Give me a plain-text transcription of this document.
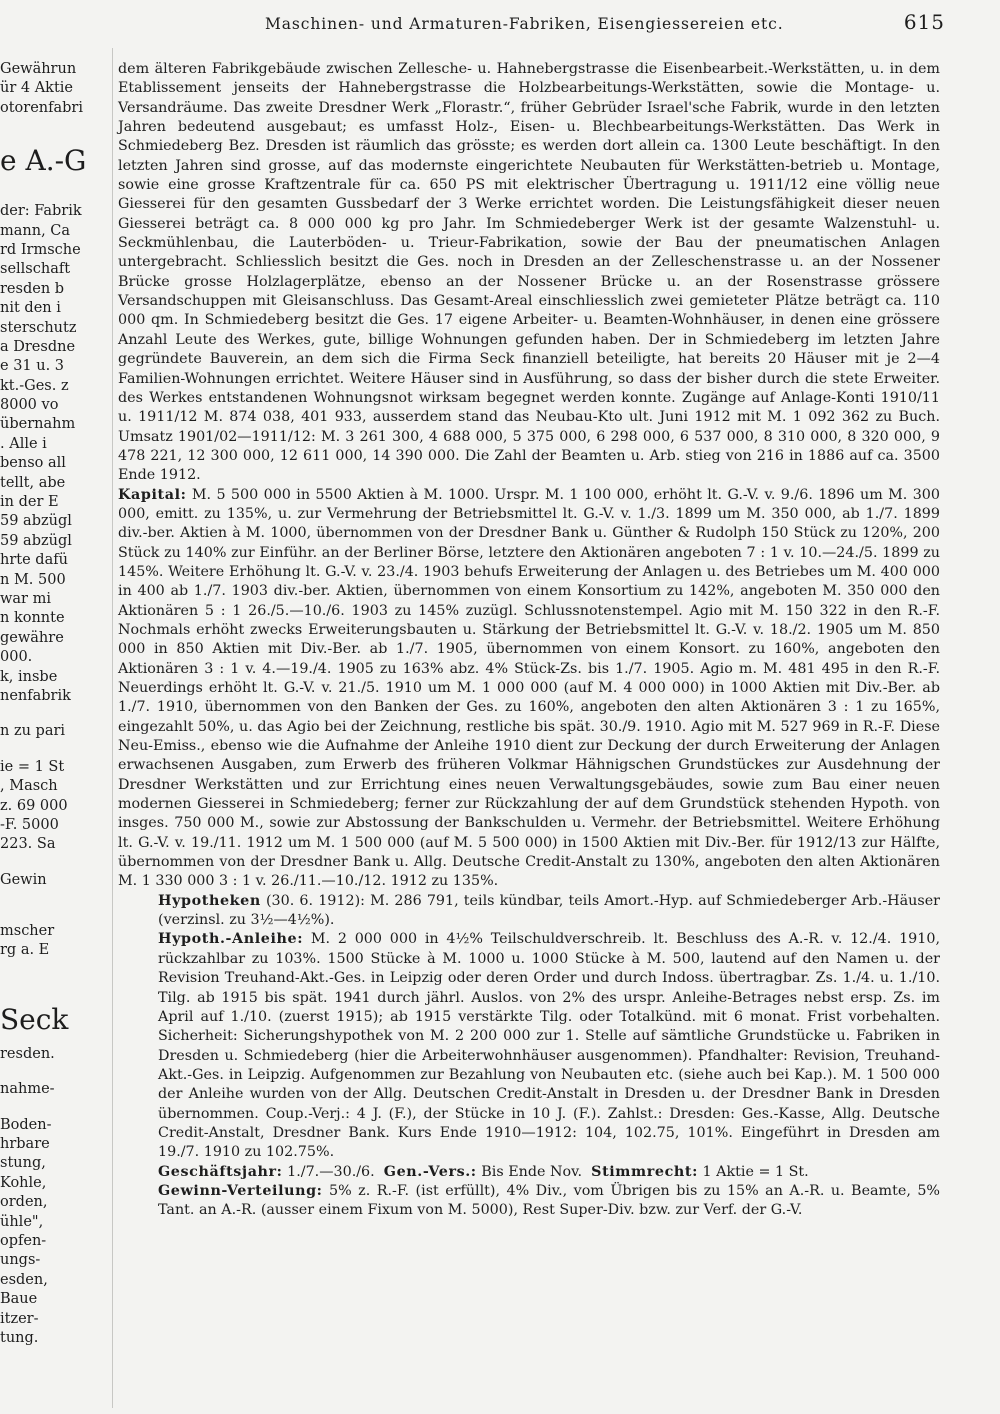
Maschinen- und Armaturen-Fabriken, Eisengiessereien etc.	615
Gewährun
ür 4 Aktie
otorenfabri
e A.-G
der: Fabrik
mann, Ca
rd Irmsche
sellschaft
resden b
nit den i
sterschutz
a Dresdne
e 31 u. 3
kt.-Ges. z
8000 vo
übernahm
. Alle i
benso all
tellt, abe
in der E
59 abzügl
59 abzügl
hrte dafü
n M. 500
war mi
n konnte
gewähre
000.
k, insbe
nenfabrik
n zu pari
ie = 1 St
, Masch
z. 69 000
-F. 5000
223. Sa
Gewin
mscher
rg a. E
Seck
resden.
nahme-
Boden-
hrbare
stung,
Kohle,
orden,
ühle",
opfen-
ungs-
esden,
Baue
itzer-
tung.

dem älteren Fabrikgebäude zwischen Zellesche- u. Hahnebergstrasse die Eisenbearbeit.-Werkstätten, u. in dem Etablissement jenseits der Hahnebergstrasse die Holzbearbeitungs-Werkstätten, sowie die Montage- u. Versandräume. Das zweite Dresdner Werk „Florastr.“, früher Gebrüder Israel'sche Fabrik, wurde in den letzten Jahren bedeutend ausgebaut; es umfasst Holz-, Eisen- u. Blechbearbeitungs-Werkstätten. Das Werk in Schmiedeberg Bez. Dresden ist räumlich das grösste; es werden dort allein ca. 1300 Leute beschäftigt. In den letzten Jahren sind grosse, auf das modernste eingerichtete Neubauten für Werkstätten-betrieb u. Montage, sowie eine grosse Kraftzentrale für ca. 650 PS mit elektrischer Übertragung u. 1911/12 eine völlig neue Giesserei für den gesamten Gussbedarf der 3 Werke errichtet worden. Die Leistungsfähigkeit dieser neuen Giesserei beträgt ca. 8 000 000 kg pro Jahr. Im Schmiedeberger Werk ist der gesamte Walzenstuhl- u. Seckmühlenbau, die Lauterböden- u. Trieur-Fabrikation, sowie der Bau der pneumatischen Anlagen untergebracht. Schliesslich besitzt die Ges. noch in Dresden an der Zelleschenstrasse u. an der Nossener Brücke grosse Holzlagerplätze, ebenso an der Nossener Brücke u. an der Rosenstrasse grössere Versandschuppen mit Gleisanschluss. Das Gesamt-Areal einschliesslich zwei gemieteter Plätze beträgt ca. 110 000 qm. In Schmiedeberg besitzt die Ges. 17 eigene Arbeiter- u. Beamten-Wohnhäuser, in denen eine grössere Anzahl Leute des Werkes, gute, billige Wohnungen gefunden haben. Der in Schmiedeberg im letzten Jahre gegründete Bauverein, an dem sich die Firma Seck finanziell beteiligte, hat bereits 20 Häuser mit je 2—4 Familien-Wohnungen errichtet. Weitere Häuser sind in Ausführung, so dass der bisher durch die stete Erweiter. des Werkes entstandenen Wohnungsnot wirksam begegnet werden konnte. Zugänge auf Anlage-Konti 1910/11 u. 1911/12 M. 874 038, 401 933, ausserdem stand das Neubau-Kto ult. Juni 1912 mit M. 1 092 362 zu Buch. Umsatz 1901/02—1911/12: M. 3 261 300, 4 688 000, 5 375 000, 6 298 000, 6 537 000, 8 310 000, 8 320 000, 9 478 221, 12 300 000, 12 611 000, 14 390 000. Die Zahl der Beamten u. Arb. stieg von 216 in 1886 auf ca. 3500 Ende 1912.

Kapital: M. 5 500 000 in 5500 Aktien à M. 1000. Urspr. M. 1 100 000, erhöht lt. G.-V. v. 9./6. 1896 um M. 300 000, emitt. zu 135%, u. zur Vermehrung der Betriebsmittel lt. G.-V. v. 1./3. 1899 um M. 350 000, ab 1./7. 1899 div.-ber. Aktien à M. 1000, übernommen von der Dresdner Bank u. Günther & Rudolph 150 Stück zu 120%, 200 Stück zu 140% zur Einführ. an der Berliner Börse, letztere den Aktionären angeboten 7 : 1 v. 10.—24./5. 1899 zu 145%. Weitere Erhöhung lt. G.-V. v. 23./4. 1903 behufs Erweiterung der Anlagen u. des Betriebes um M. 400 000 in 400 ab 1./7. 1903 div.-ber. Aktien, übernommen von einem Konsortium zu 142%, angeboten M. 350 000 den Aktionären 5 : 1 26./5.—10./6. 1903 zu 145% zuzügl. Schlussnotenstempel. Agio mit M. 150 322 in den R.-F. Nochmals erhöht zwecks Erweiterungsbauten u. Stärkung der Betriebsmittel lt. G.-V. v. 18./2. 1905 um M. 850 000 in 850 Aktien mit Div.-Ber. ab 1./7. 1905, übernommen von einem Konsort. zu 160%, angeboten den Aktionären 3 : 1 v. 4.—19./4. 1905 zu 163% abz. 4% Stück-Zs. bis 1./7. 1905. Agio m. M. 481 495 in den R.-F. Neuerdings erhöht lt. G.-V. v. 21./5. 1910 um M. 1 000 000 (auf M. 4 000 000) in 1000 Aktien mit Div.-Ber. ab 1./7. 1910, übernommen von den Banken der Ges. zu 160%, angeboten den alten Aktionären 3 : 1 zu 165%, eingezahlt 50%, u. das Agio bei der Zeichnung, restliche bis spät. 30./9. 1910. Agio mit M. 527 969 in R.-F. Diese Neu-Emiss., ebenso wie die Aufnahme der Anleihe 1910 dient zur Deckung der durch Erweiterung der Anlagen erwachsenen Ausgaben, zum Erwerb des früheren Volkmar Hähnigschen Grundstückes zur Ausdehnung der Dresdner Werkstätten und zur Errichtung eines neuen Verwaltungsgebäudes, sowie zum Bau einer neuen modernen Giesserei in Schmiedeberg; ferner zur Rückzahlung der auf dem Grundstück stehenden Hypoth. von insges. 750 000 M., sowie zur Abstossung der Bankschulden u. Vermehr. der Betriebsmittel. Weitere Erhöhung lt. G.-V. v. 19./11. 1912 um M. 1 500 000 (auf M. 5 500 000) in 1500 Aktien mit Div.-Ber. für 1912/13 zur Hälfte, übernommen von der Dresdner Bank u. Allg. Deutsche Credit-Anstalt zu 130%, angeboten den alten Aktionären M. 1 330 000 3 : 1 v. 26./11.—10./12. 1912 zu 135%.

Hypotheken (30. 6. 1912): M. 286 791, teils kündbar, teils Amort.-Hyp. auf Schmiedeberger Arb.-Häuser (verzinsl. zu 3½—4½%).

Hypoth.-Anleihe: M. 2 000 000 in 4½% Teilschuldverschreib. lt. Beschluss des A.-R. v. 12./4. 1910, rückzahlbar zu 103%. 1500 Stücke à M. 1000 u. 1000 Stücke à M. 500, lautend auf den Namen u. der Revision Treuhand-Akt.-Ges. in Leipzig oder deren Order und durch Indoss. übertragbar. Zs. 1./4. u. 1./10. Tilg. ab 1915 bis spät. 1941 durch jährl. Auslos. von 2% des urspr. Anleihe-Betrages nebst ersp. Zs. im April auf 1./10. (zuerst 1915); ab 1915 verstärkte Tilg. oder Totalkünd. mit 6 monat. Frist vorbehalten. Sicherheit: Sicherungshypothek von M. 2 200 000 zur 1. Stelle auf sämtliche Grundstücke u. Fabriken in Dresden u. Schmiedeberg (hier die Arbeiterwohnhäuser ausgenommen). Pfandhalter: Revision, Treuhand-Akt.-Ges. in Leipzig. Aufgenommen zur Bezahlung von Neubauten etc. (siehe auch bei Kap.). M. 1 500 000 der Anleihe wurden von der Allg. Deutschen Credit-Anstalt in Dresden u. der Dresdner Bank in Dresden übernommen. Coup.-Verj.: 4 J. (F.), der Stücke in 10 J. (F.). Zahlst.: Dresden: Ges.-Kasse, Allg. Deutsche Credit-Anstalt, Dresdner Bank. Kurs Ende 1910—1912: 104, 102.75, 101%. Eingeführt in Dresden am 19./7. 1910 zu 102.75%.

Geschäftsjahr: 1./7.—30./6. Gen.-Vers.: Bis Ende Nov. Stimmrecht: 1 Aktie = 1 St.

Gewinn-Verteilung: 5% z. R.-F. (ist erfüllt), 4% Div., vom Übrigen bis zu 15% an A.-R. u. Beamte, 5% Tant. an A.-R. (ausser einem Fixum von M. 5000), Rest Super-Div. bzw. zur Verf. der G.-V.
